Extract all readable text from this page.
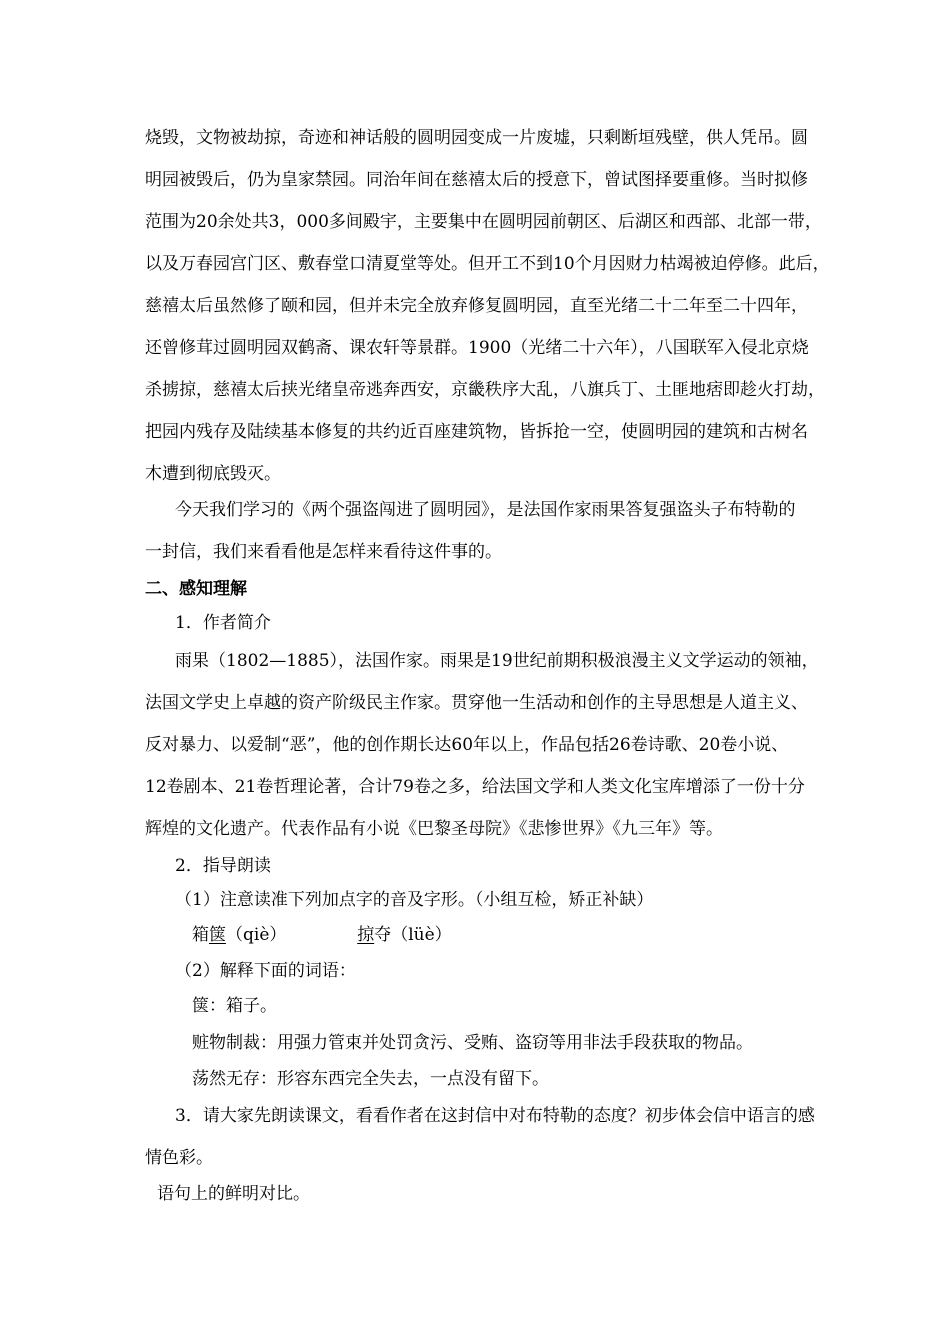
烧毁，文物被劫掠，奇迹和神话般的圆明园变成一片废墟，只剩断垣残壁，供人凭吊。圆

明园被毁后，仍为皇家禁园。同治年间在慈禧太后的授意下，曾试图择要重修。当时拟修

范围为20余处共3，000多间殿宇，主要集中在圆明园前朝区、后湖区和西部、北部一带，

以及万春园宫门区、敷春堂口清夏堂等处。但开工不到10个月因财力枯竭被迫停修。此后，

慈禧太后虽然修了颐和园，但并未完全放弃修复圆明园，直至光绪二十二年至二十四年，

还曾修茸过圆明园双鹤斋、课农轩等景群。1900（光绪二十六年），八国联军入侵北京烧

杀掳掠，慈禧太后挟光绪皇帝逃奔西安，京畿秩序大乱，八旗兵丁、土匪地痞即趁火打劫，

把园内残存及陆续基本修复的共约近百座建筑物，皆拆抢一空，使圆明园的建筑和古树名

木遭到彻底毁灭。

今天我们学习的《两个强盗闯进了圆明园》，是法国作家雨果答复强盗头子布特勒的

一封信，我们来看看他是怎样来看待这件事的。

二、感知理解

1．作者简介

雨果（1802—1885），法国作家。雨果是19世纪前期积极浪漫主义文学运动的领袖，

法国文学史上卓越的资产阶级民主作家。贯穿他一生活动和创作的主导思想是人道主义、

反对暴力、以爱制“恶”，他的创作期长达60年以上，作品包括26卷诗歌、20卷小说、

12卷剧本、21卷哲理论著，合计79卷之多，给法国文学和人类文化宝库增添了一份十分

辉煌的文化遗产。代表作品有小说《巴黎圣母院》《悲惨世界》《九三年》等。

2．指导朗读

（1）注意读准下列加点字的音及字形。（小组互检，矫正补缺）

箱箧（qiè）	掠夺（lüè）

（2）解释下面的词语：

箧：箱子。

赃物制裁：用强力管束并处罚贪污、受贿、盗窃等用非法手段获取的物品。

荡然无存：形容东西完全失去，一点没有留下。

3．请大家先朗读课文，看看作者在这封信中对布特勒的态度？初步体会信中语言的感

情色彩。

语句上的鲜明对比。
